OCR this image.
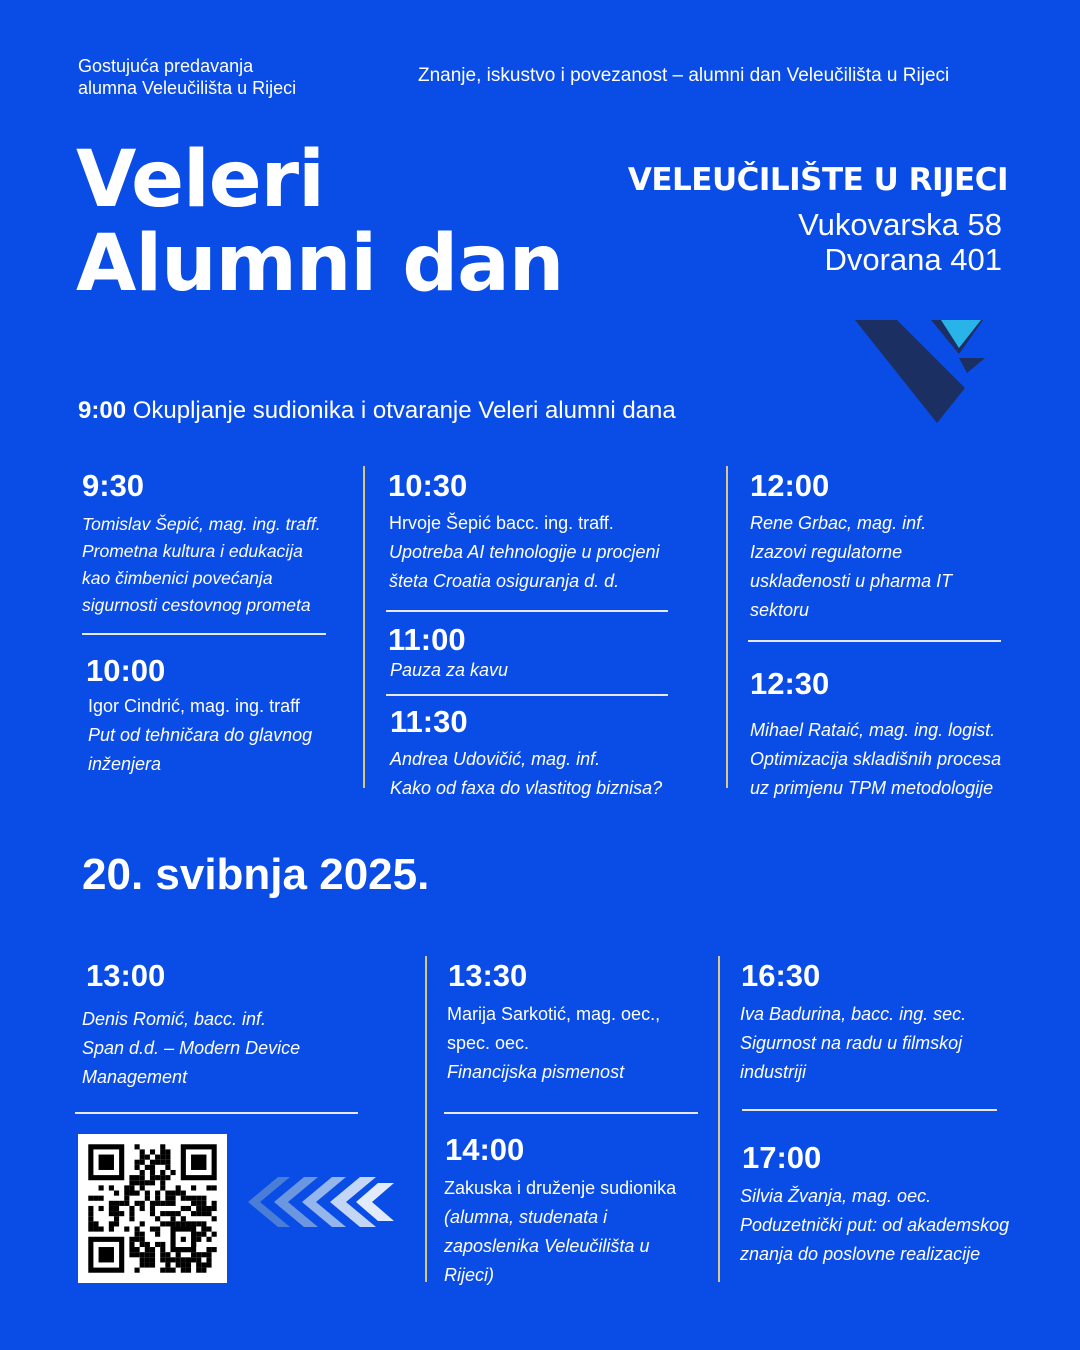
Gostujuća predavanja
alumna Veleučilišta u Rijeci
Znanje, iskustvo i povezanost – alumni dan Veleučilišta u Rijeci
Veleri
Alumni dan
VELEUČILIŠTE U RIJECI
Vukovarska 58
Dvorana 401
9:00 Okupljanje sudionika i otvaranje Veleri alumni dana
9:30
Tomislav Šepić, mag. ing. traff.
Prometna kultura i edukacija
kao čimbenici povećanja
sigurnosti cestovnog prometa
10:00
Igor Cindrić, mag. ing. traff
Put od tehničara do glavnog
inženjera
10:30
Hrvoje Šepić bacc. ing. traff.
Upotreba AI tehnologije u procjeni
šteta Croatia osiguranja d. d.
11:00
Pauza za kavu
11:30
Andrea Udovičić, mag. inf.
Kako od faxa do vlastitog biznisa?
12:00
Rene Grbac, mag. inf.
Izazovi regulatorne
usklađenosti u pharma IT
sektoru
12:30
Mihael Rataić, mag. ing. logist.
Optimizacija skladišnih procesa
uz primjenu TPM metodologije
20. svibnja 2025.
13:00
Denis Romić, bacc. inf.
Span d.d. – Modern Device
Management
13:30
Marija Sarkotić, mag. oec.,
spec. oec.
Financijska pismenost
14:00
Zakuska i druženje sudionika
(alumna, studenata i
zaposlenika Veleučilišta u
Rijeci)
16:30
Iva Badurina, bacc. ing. sec.
Sigurnost na radu u filmskoj
industriji
17:00
Silvia Žvanja, mag. oec.
Poduzetnički put: od akademskog
znanja do poslovne realizacije
